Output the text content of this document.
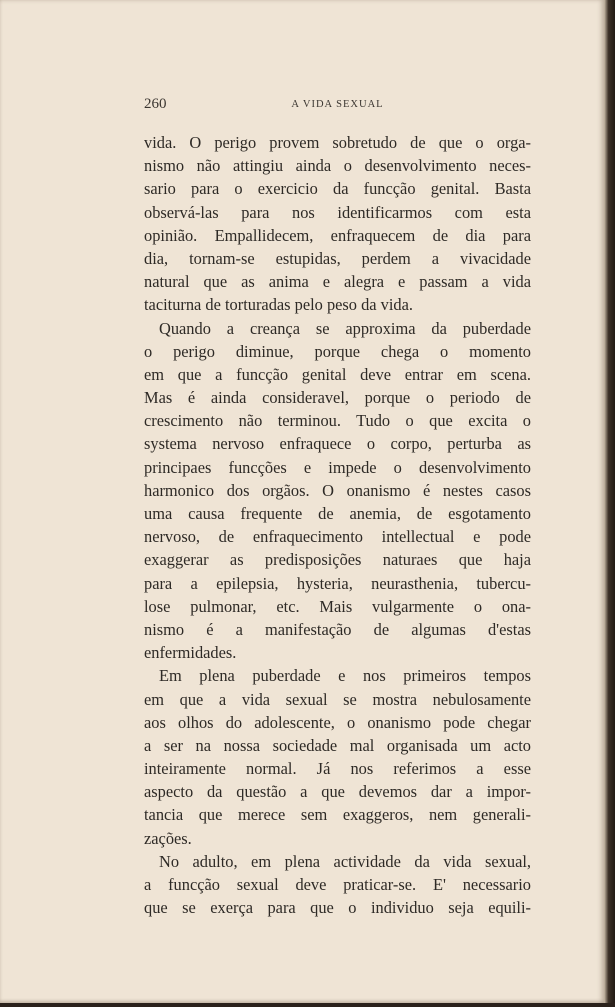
260	A VIDA SEXUAL
vida. O perigo provem sobretudo de que o orga-
nismo não attingiu ainda o desenvolvimento neces-
sario para o exercicio da funcção genital. Basta
observá-las para nos identificarmos com esta
opinião. Empallidecem, enfraquecem de dia para
dia, tornam-se estupidas, perdem a vivacidade
natural que as anima e alegra e passam a vida
taciturna de torturadas pelo peso da vida.
Quando a creança se approxima da puberdade
o perigo diminue, porque chega o momento
em que a funcção genital deve entrar em scena.
Mas é ainda consideravel, porque o periodo de
crescimento não terminou. Tudo o que excita o
systema nervoso enfraquece o corpo, perturba as
principaes funcções e impede o desenvolvimento
harmonico dos orgãos. O onanismo é nestes casos
uma causa frequente de anemia, de esgotamento
nervoso, de enfraquecimento intellectual e pode
exaggerar as predisposições naturaes que haja
para a epilepsia, hysteria, neurasthenia, tubercu-
lose pulmonar, etc. Mais vulgarmente o ona-
nismo é a manifestação de algumas d'estas
enfermidades.
Em plena puberdade e nos primeiros tempos
em que a vida sexual se mostra nebulosamente
aos olhos do adolescente, o onanismo pode chegar
a ser na nossa sociedade mal organisada um acto
inteiramente normal. Já nos referimos a esse
aspecto da questão a que devemos dar a impor-
tancia que merece sem exaggeros, nem generali-
zações.
No adulto, em plena actividade da vida sexual,
a funcção sexual deve praticar-se. E' necessario
que se exerça para que o individuo seja equili-
